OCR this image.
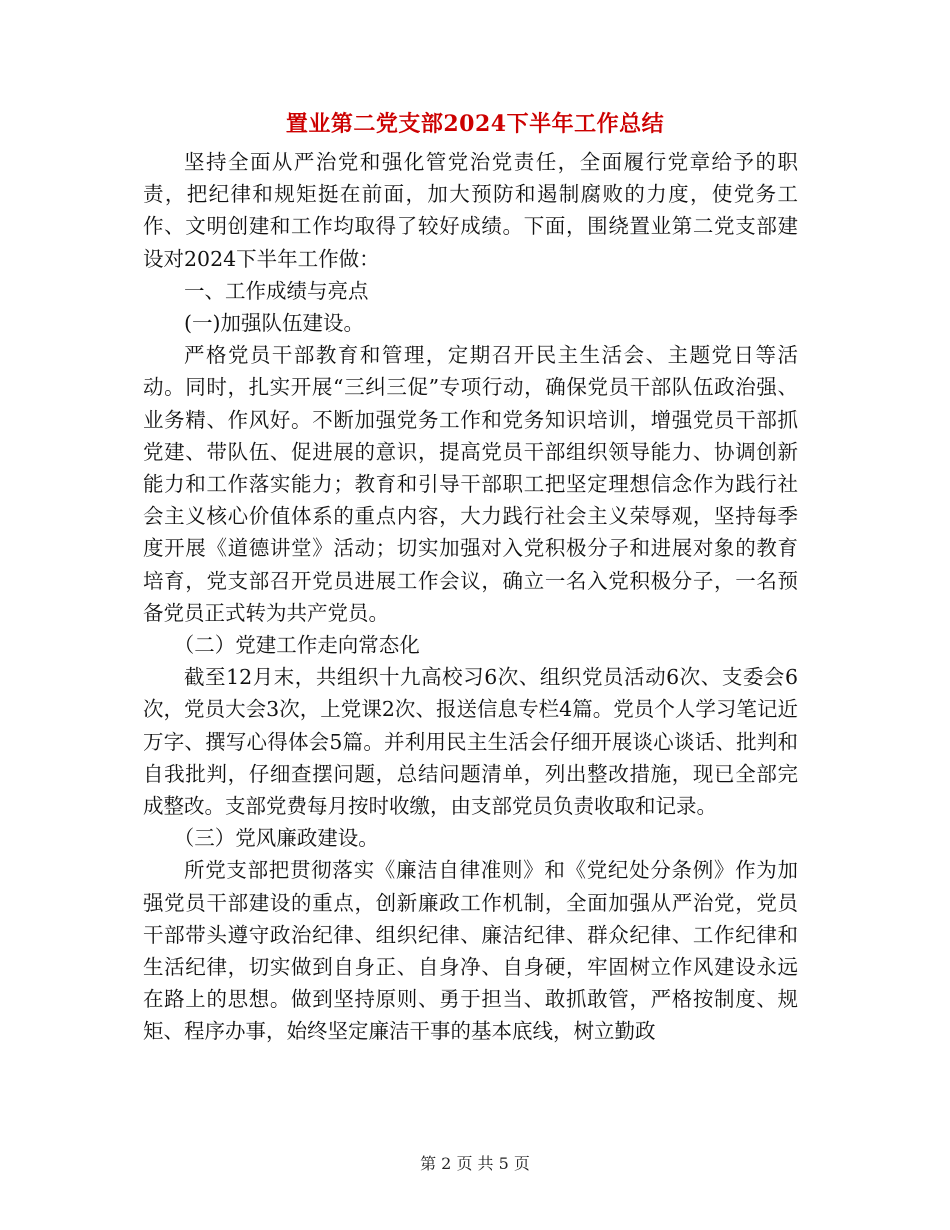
置业第二党支部2024下半年工作总结

坚持全面从严治党和强化管党治党责任，全面履行党章给予的职责，把纪律和规矩挺在前面，加大预防和遏制腐败的力度，使党务工作、文明创建和工作均取得了较好成绩。下面，围绕置业第二党支部建设对2024下半年工作做：

一、工作成绩与亮点

(一)加强队伍建设。

严格党员干部教育和管理，定期召开民主生活会、主题党日等活动。同时，扎实开展“三纠三促”专项行动，确保党员干部队伍政治强、业务精、作风好。不断加强党务工作和党务知识培训，增强党员干部抓党建、带队伍、促进展的意识，提高党员干部组织领导能力、协调创新能力和工作落实能力；教育和引导干部职工把坚定理想信念作为践行社会主义核心价值体系的重点内容，大力践行社会主义荣辱观，坚持每季度开展《道德讲堂》活动；切实加强对入党积极分子和进展对象的教育培育，党支部召开党员进展工作会议，确立一名入党积极分子，一名预备党员正式转为共产党员。

（二）党建工作走向常态化

截至12月末，共组织十九高校习6次、组织党员活动6次、支委会6次，党员大会3次，上党课2次、报送信息专栏4篇。党员个人学习笔记近万字、撰写心得体会5篇。并利用民主生活会仔细开展谈心谈话、批判和自我批判，仔细查摆问题，总结问题清单，列出整改措施，现已全部完成整改。支部党费每月按时收缴，由支部党员负责收取和记录。

（三）党风廉政建设。

所党支部把贯彻落实《廉洁自律准则》和《党纪处分条例》作为加强党员干部建设的重点，创新廉政工作机制，全面加强从严治党，党员干部带头遵守政治纪律、组织纪律、廉洁纪律、群众纪律、工作纪律和生活纪律，切实做到自身正、自身净、自身硬，牢固树立作风建设永远在路上的思想。做到坚持原则、勇于担当、敢抓敢管，严格按制度、规矩、程序办事，始终坚定廉洁干事的基本底线，树立勤政

第 2 页 共 5 页
